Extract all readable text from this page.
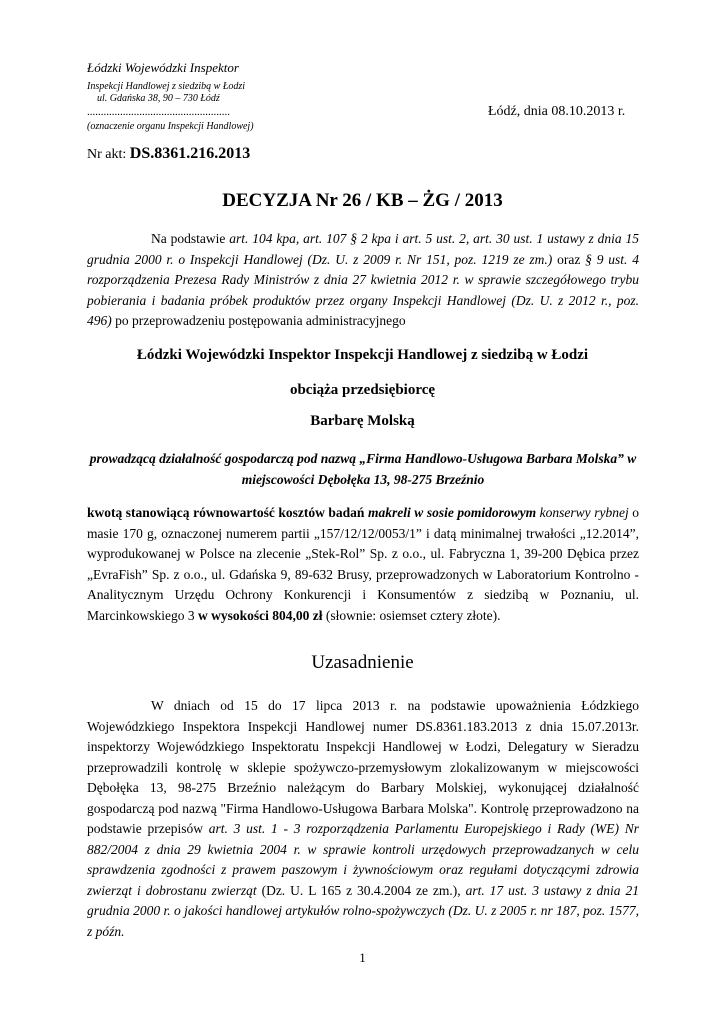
Łódzki Wojewódzki Inspektor
Inspekcji Handlowej z siedzibą w Łodzi
ul. Gdańska 38, 90 – 730 Łódź
....................................................
(oznaczenie organu Inspekcji Handlowej)
Łódź, dnia 08.10.2013 r.
Nr akt: DS.8361.216.2013
DECYZJA Nr 26 / KB – ŻG / 2013
Na podstawie art. 104 kpa, art. 107 § 2 kpa i art. 5 ust. 2, art. 30 ust. 1 ustawy z dnia 15 grudnia 2000 r. o Inspekcji Handlowej (Dz. U. z 2009 r. Nr 151, poz. 1219 ze zm.) oraz § 9 ust. 4 rozporządzenia Prezesa Rady Ministrów z dnia 27 kwietnia 2012 r. w sprawie szczegółowego trybu pobierania i badania próbek produktów przez organy Inspekcji Handlowej (Dz. U. z 2012 r., poz. 496) po przeprowadzeniu postępowania administracyjnego
Łódzki Wojewódzki Inspektor Inspekcji Handlowej z siedzibą w Łodzi
obciąża przedsiębiorcę
Barbarę Molską
prowadzącą działalność gospodarczą pod nazwą „Firma Handlowo-Usługowa Barbara Molska” w miejscowości Dębołęka 13, 98-275 Brzeźnio
kwotą stanowiącą równowartość kosztów badań makreli w sosie pomidorowym konserwy rybnej o masie 170 g, oznaczonej numerem partii „157/12/12/0053/1” i datą minimalnej trwałości „12.2014”, wyprodukowanej w Polsce na zlecenie „Stek-Rol” Sp. z o.o., ul. Fabryczna 1, 39-200 Dębica przez „EvraFish” Sp. z o.o., ul. Gdańska 9, 89-632 Brusy, przeprowadzonych w Laboratorium Kontrolno - Analitycznym Urzędu Ochrony Konkurencji i Konsumentów z siedzibą w Poznaniu, ul. Marcinkowskiego 3 w wysokości 804,00 zł (słownie: osiemset cztery złote).
Uzasadnienie
W dniach od 15 do 17 lipca 2013 r. na podstawie upoważnienia Łódzkiego Wojewódzkiego Inspektora Inspekcji Handlowej numer DS.8361.183.2013 z dnia 15.07.2013r. inspektorzy Wojewódzkiego Inspektoratu Inspekcji Handlowej w Łodzi, Delegatury w Sieradzu przeprowadzili kontrolę w sklepie spożywczo-przemysłowym zlokalizowanym w miejscowości Dębołęka 13, 98-275 Brzeźnio należącym do Barbary Molskiej, wykonującej działalność gospodarczą pod nazwą "Firma Handlowo-Usługowa Barbara Molska". Kontrolę przeprowadzono na podstawie przepisów art. 3 ust. 1 - 3 rozporządzenia Parlamentu Europejskiego i Rady (WE) Nr 882/2004 z dnia 29 kwietnia 2004 r. w sprawie kontroli urzędowych przeprowadzanych w celu sprawdzenia zgodności z prawem paszowym i żywnościowym oraz regułami dotyczącymi zdrowia zwierząt i dobrostanu zwierząt (Dz. U. L 165 z 30.4.2004 ze zm.), art. 17 ust. 3 ustawy z dnia 21 grudnia 2000 r. o jakości handlowej artykułów rolno-spożywczych (Dz. U. z 2005 r. nr 187, poz. 1577, z późn.
1
